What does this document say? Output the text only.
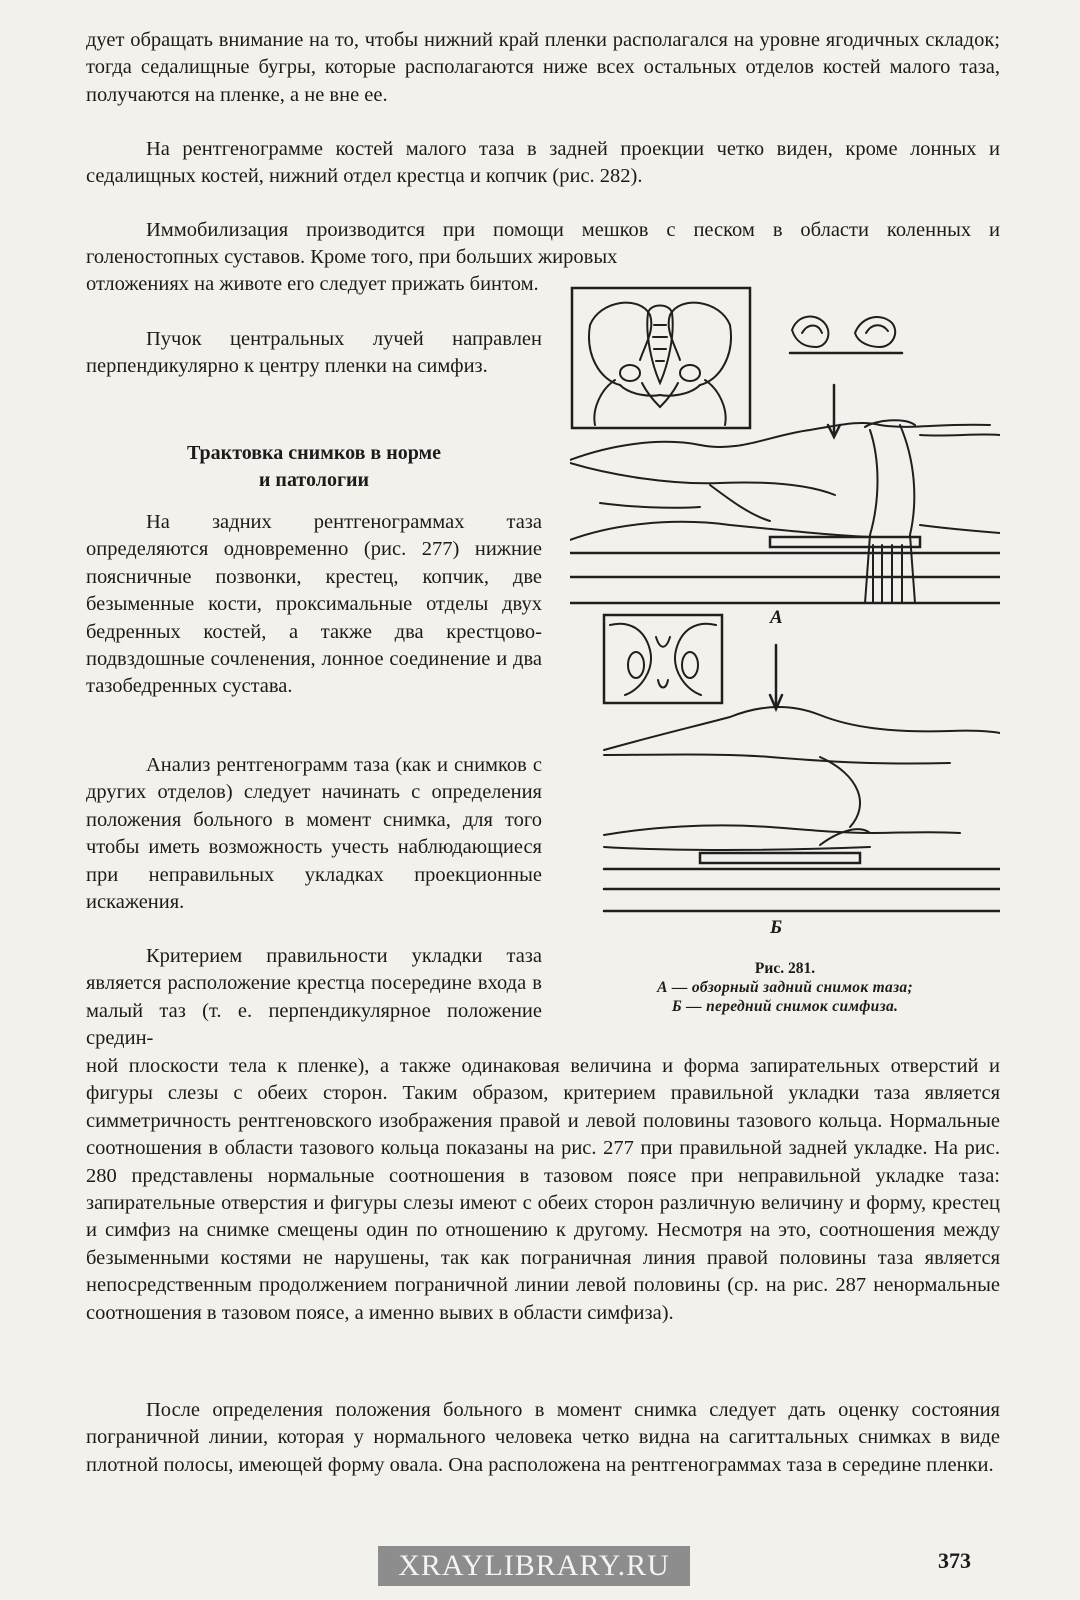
дует обращать внимание на то, чтобы нижний край пленки располагался на уровне ягодичных складок; тогда седалищные бугры, которые располагаются ниже всех остальных отделов костей малого таза, получаются на пленке, а не вне ее.

На рентгенограмме костей малого таза в задней проекции четко виден, кроме лонных и седалищных костей, нижний отдел крестца и копчик (рис. 282).

Иммобилизация производится при помощи мешков с песком в области коленных и голеностопных суставов. Кроме того, при больших жировых

отложениях на животе его следует прижать бинтом.

Пучок центральных лучей направлен перпендикулярно к центру пленки на симфиз.

Трактовка снимков в норме
и патологии

На задних рентгенограммах таза определяются одновременно (рис. 277) нижние поясничные позвонки, крестец, копчик, две безыменные кости, проксимальные отделы двух бедренных костей, а также два крестцово-подвздошные сочленения, лонное соединение и два тазобедренных сустава.

Анализ рентгенограмм таза (как и снимков с других отделов) следует начинать с определения положения больного в момент снимка, для того чтобы иметь возможность учесть наблюдающиеся при неправильных укладках проекционные искажения.

Критерием правильности укладки таза является расположение крестца посередине входа в малый таз (т. е. перпендикулярное положение средин-

ной плоскости тела к пленке), а также одинаковая величина и форма запирательных отверстий и фигуры слезы с обеих сторон. Таким образом, критерием правильной укладки таза является симметричность рентгеновского изображения правой и левой половины тазового кольца. Нормальные соотношения в области тазового кольца показаны на рис. 277 при правильной задней укладке. На рис. 280 представлены нормальные соотношения в тазовом поясе при неправильной укладке таза: запирательные отверстия и фигуры слезы имеют с обеих сторон различную величину и форму, крестец и симфиз на снимке смещены один по отношению к другому. Несмотря на это, соотношения между безыменными костями не нарушены, так как пограничная линия правой половины таза является непосредственным продолжением пограничной линии левой половины (ср. на рис. 287 ненормальные соотношения в тазовом поясе, а именно вывих в области симфиза).

После определения положения больного в момент снимка следует дать оценку состояния пограничной линии, которая у нормального человека четко видна на сагиттальных снимках в виде плотной полосы, имеющей форму овала. Она расположена на рентгенограммах таза в середине пленки.

А
Б
Рис. 281.
А — обзорный задний снимок таза;
Б — передний снимок симфиза.
XRAYLIBRARY.RU	373
